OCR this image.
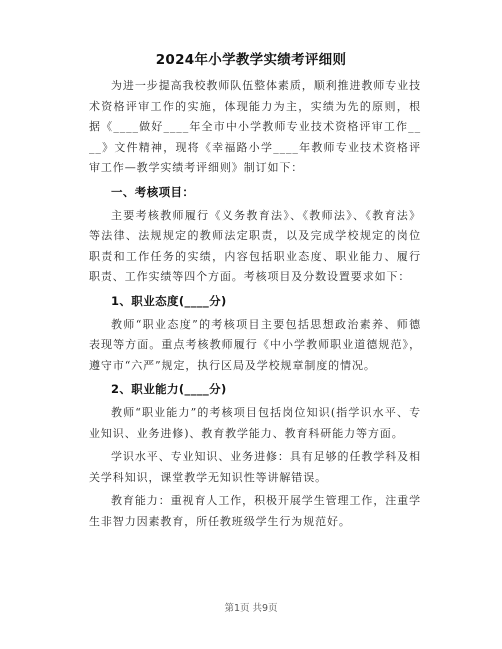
2024年小学教学实绩考评细则

为进一步提高我校教师队伍整体素质，顺利推进教师专业技术资格评审工作的实施，体现能力为主，实绩为先的原则，根据《____做好____年全市中小学教师专业技术资格评审工作____》文件精神，现将《幸福路小学____年教师专业技术资格评审工作—教学实绩考评细则》制订如下：

一、考核项目：

主要考核教师履行《义务教育法》、《教师法》、《教育法》等法律、法规规定的教师法定职责，以及完成学校规定的岗位职责和工作任务的实绩，内容包括职业态度、职业能力、履行职责、工作实绩等四个方面。考核项目及分数设置要求如下：

1、职业态度(____分)

教师“职业态度”的考核项目主要包括思想政治素养、师德表现等方面。重点考核教师履行《中小学教师职业道德规范》，遵守市“六严”规定，执行区局及学校规章制度的情况。

2、职业能力(____分)

教师“职业能力”的考核项目包括岗位知识(指学识水平、专业知识、业务进修)、教育教学能力、教育科研能力等方面。

学识水平、专业知识、业务进修：具有足够的任教学科及相关学科知识，课堂教学无知识性等讲解错误。

教育能力：重视育人工作，积极开展学生管理工作，注重学生非智力因素教育，所任教班级学生行为规范好。

第1页 共9页
